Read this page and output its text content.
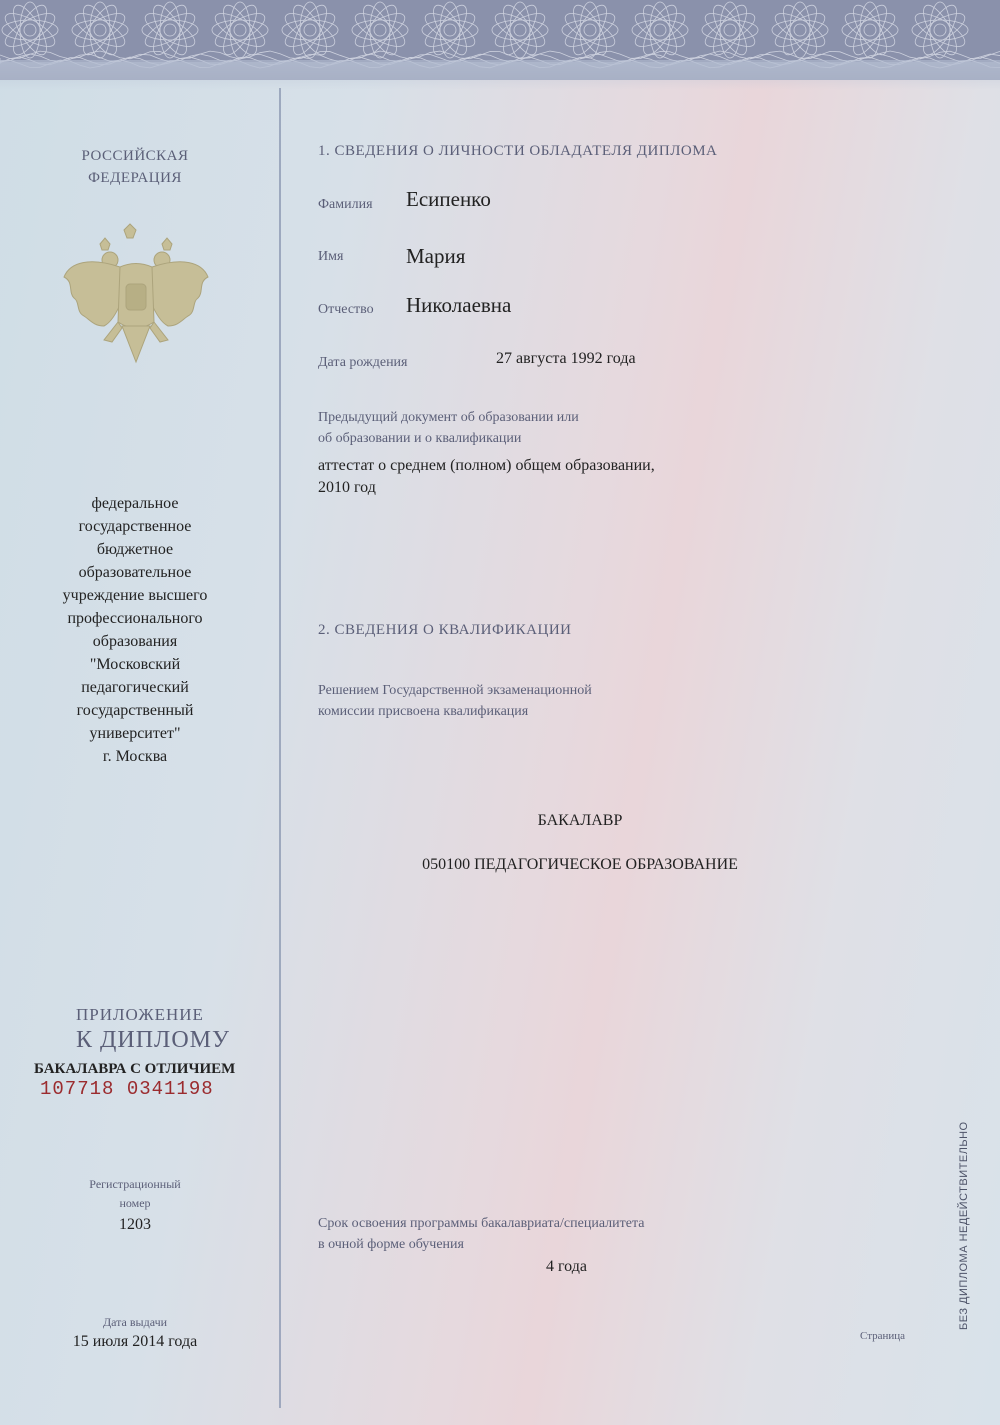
РОССИЙСКАЯ
ФЕДЕРАЦИЯ
федеральное
государственное
бюджетное
образовательное
учреждение высшего
профессионального
образования
"Московский
педагогический
государственный
университет"
г. Москва
ПРИЛОЖЕНИЕ
К ДИПЛОМУ
БАКАЛАВРА С ОТЛИЧИЕМ
107718 0341198
Регистрационный
номер
1203
Дата выдачи
15 июля 2014 года
1. СВЕДЕНИЯ О ЛИЧНОСТИ ОБЛАДАТЕЛЯ ДИПЛОМА
Фамилия Есипенко
Имя	Мария
Отчество Николаевна
Дата рождения	27 августа 1992 года
Предыдущий документ об образовании или
об образовании и о квалификации
аттестат о среднем (полном) общем образовании,
2010 год
2. СВЕДЕНИЯ О КВАЛИФИКАЦИИ
Решением Государственной экзаменационной
комиссии присвоена квалификация
БАКАЛАВР
050100 ПЕДАГОГИЧЕСКОЕ ОБРАЗОВАНИЕ
Срок освоения программы бакалавриата/специалитета
в очной форме обучения
4 года	БЕЗ ДИПЛОМА НЕДЕЙСТВИТЕЛЬНО
Страница
